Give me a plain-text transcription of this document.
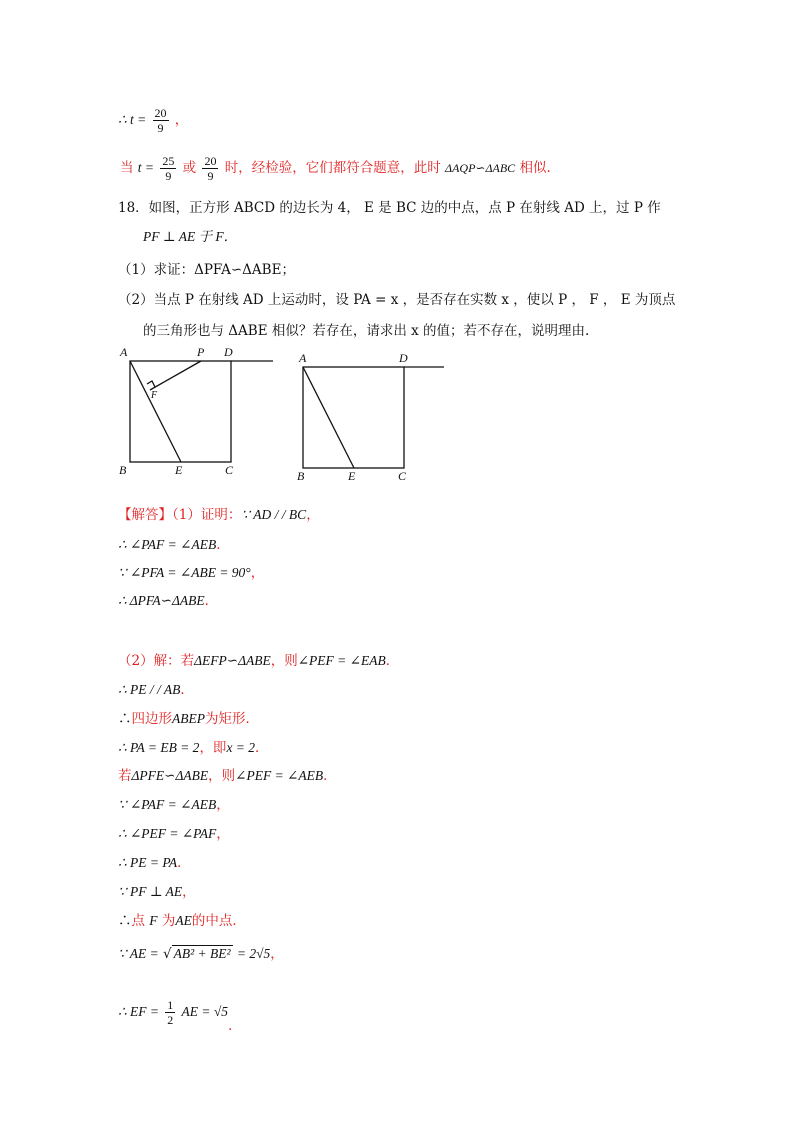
∴ $t = \frac{20}{9}$ ，
当 $t = \frac{25}{9}$ 或 $\frac{20}{9}$ 时，经检验，它们都符合题意，此时 ΔAQP∽ΔABC 相似.
18．如图，正方形 ABCD 的边长为 4， E 是 BC 边的中点，点 P 在射线 AD 上，过 P 作
PF ⊥ AE 于 F．
（1）求证：ΔPFA∽ΔABE；
（2）当点 P 在射线 AD 上运动时，设 PA = x ，是否存在实数 x ，使以 P ， F ， E 为顶点
的三角形也与 ΔABE 相似？若存在，请求出 x 的值；若不存在，说明理由.
A	P D
F
B	E	C
A	D
B	E	C
【解答】（1）证明：∵ AD / / BC，
∴ ∠PAF = ∠AEB．
∵ ∠PFA = ∠ABE = 90°，
∴ ΔPFA∽ΔABE．
（2）解：若ΔEFP∽ΔABE，则∠PEF = ∠EAB．
∴ PE / / AB．
∴四边形ABEP为矩形．
∴ PA = EB = 2，即x = 2．
若ΔPFE∽ΔABE，则∠PEF = ∠AEB．
∵ ∠PAF = ∠AEB，
∴ ∠PEF = ∠PAF，
∴ PE = PA．
∵ PF ⊥ AE，
∴点 F 为AE的中点．
∵ AE = √ AB² + BE² = 2√5，
∴ EF = $\frac{1}{2}$ AE = √5．
